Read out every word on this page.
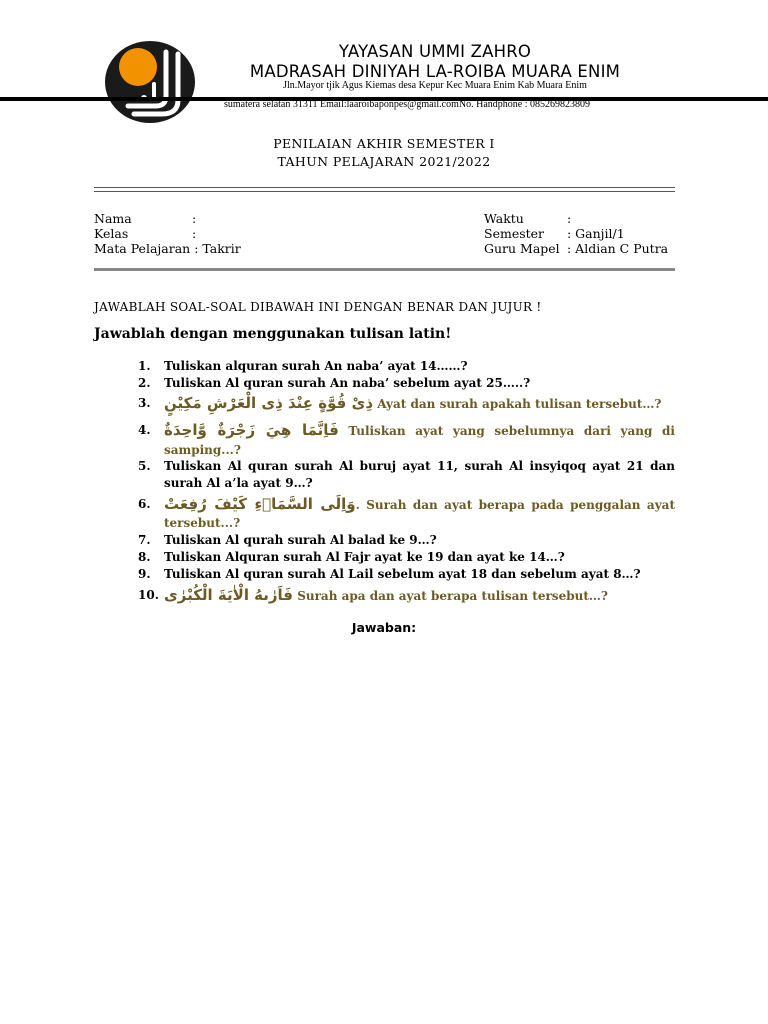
YAYASAN UMMI ZAHRO
MADRASAH DINIYAH LA-ROIBA MUARA ENIM
Jln.Mayor tjik Agus Kiemas desa Kepur Kec Muara Enim Kab Muara Enim
sumatera selatan 31311 Email:laaroibaponpes@gmail.comNo. Handphone : 085269823809
PENILAIAN AKHIR SEMESTER I
TAHUN PELAJARAN 2021/2022
Nama	:
Kelas	:
Mata Pelajaran : Takrir
Waktu	:
Semester : Ganjil/1
Guru Mapel : Aldian C Putra
JAWABLAH SOAL-SOAL DIBAWAH INI DENGAN BENAR DAN JUJUR !
Jawablah dengan menggunakan tulisan latin!
1. Tuliskan alquran surah An naba’ ayat 14……?
2. Tuliskan Al quran surah An naba’ sebelum ayat 25…..?
3. ذِىْ قُوَّةٍ عِنْدَ ذِى الْعَرْشِ مَكِيْنٍ Ayat dan surah apakah tulisan tersebut…?
4. فَاِنَّمَا هِيَ زَجْرَةٌ وَّاحِدَةٌ Tuliskan ayat yang sebelumnya dari yang di
samping...?
5. Tuliskan Al quran surah Al buruj ayat 11, surah Al insyiqoq ayat 21 dan
surah Al a’la ayat 9…?
6. وَاِلَى السَّمَاۤءِ كَيْفَ رُفِعَتْ. Surah dan ayat berapa pada penggalan ayat
tersebut...?
7. Tuliskan Al qurah surah Al balad ke 9…?
8. Tuliskan Alquran surah Al Fajr ayat ke 19 dan ayat ke 14…?
9. Tuliskan Al quran surah Al Lail sebelum ayat 18 dan sebelum ayat 8…?
10. فَاَرٰىهُ الْاٰيَةَ الْكُبْرٰى Surah apa dan ayat berapa tulisan tersebut…?
Jawaban:
